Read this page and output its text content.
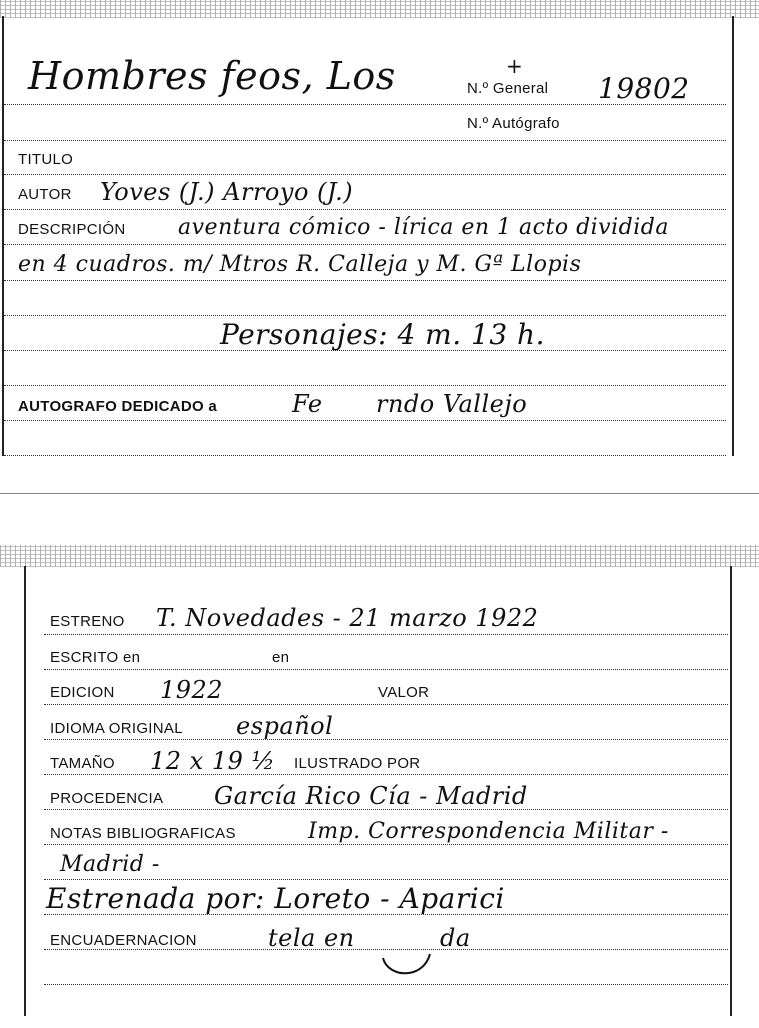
Hombres feos, Los	+
N.º General 19802
N.º Autógrafo
TITULO
AUTOR Yoves (J.) Arroyo (J.)
DESCRIPCIÓN aventura cómico - lírica en 1 acto dividida
en 4 cuadros. m/ Mtros R. Calleja y M. Gª Llopis
Personajes: 4 m. 13 h.
AUTOGRAFO DEDICADO a	Fe rndo Vallejo
ESTRENO T. Novedades - 21 marzo 1922
ESCRITO en	en
EDICION 1922	VALOR
IDIOMA ORIGINAL español
TAMAÑO 12 x 19 ½ ILUSTRADO POR
PROCEDENCIA García Rico Cía - Madrid
NOTAS BIBLIOGRAFICAS	Imp. Correspondencia Militar -
Madrid -
Estrenada por: Loreto - Aparici
ENCUADERNACION	tela en	da
